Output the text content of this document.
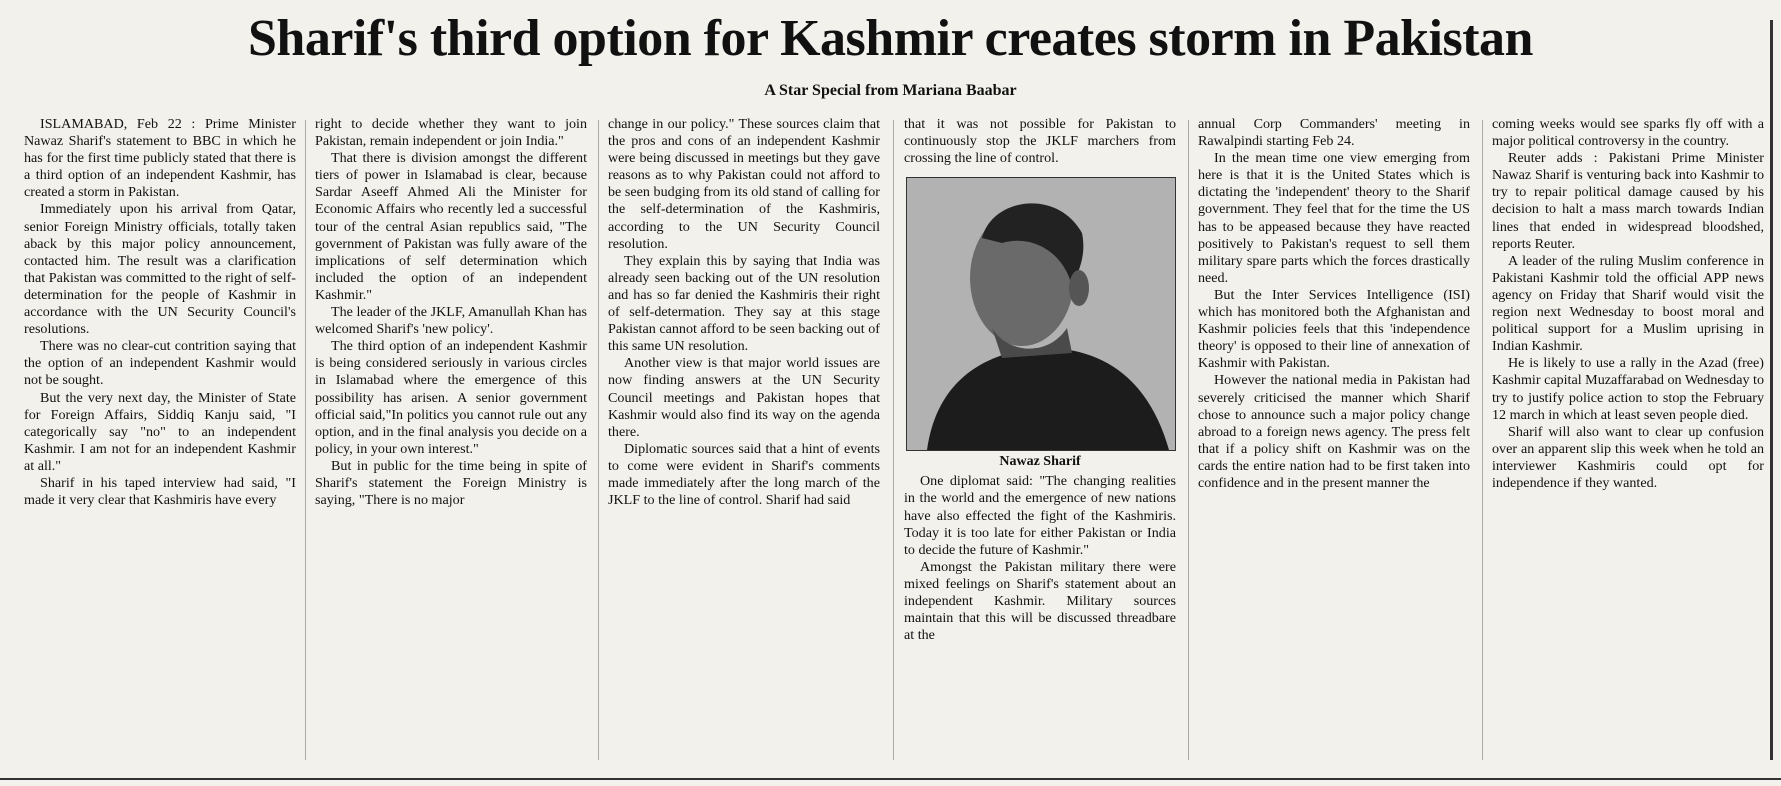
Sharif's third option for Kashmir creates storm in Pakistan
A Star Special from Mariana Baabar

ISLAMABAD, Feb 22 : Prime Minister Nawaz Sharif's statement to BBC in which he has for the first time publicly stated that there is a third option of an independent Kashmir, has created a storm in Pakistan.

Immediately upon his arrival from Qatar, senior Foreign Ministry officials, totally taken aback by this major policy announcement, contacted him. The result was a clarification that Pakistan was committed to the right of self-determination for the people of Kashmir in accordance with the UN Security Council's resolutions.

There was no clear-cut contrition saying that the option of an independent Kashmir would not be sought.

But the very next day, the Minister of State for Foreign Affairs, Siddiq Kanju said, "I categorically say "no" to an independent Kashmir. I am not for an independent Kashmir at all."

Sharif in his taped interview had said, "I made it very clear that Kashmiris have every

right to decide whether they want to join Pakistan, remain independent or join India."

That there is division amongst the different tiers of power in Islamabad is clear, because Sardar Aseeff Ahmed Ali the Minister for Economic Affairs who recently led a successful tour of the central Asian republics said, "The government of Pakistan was fully aware of the implications of self determination which included the option of an independent Kashmir."

The leader of the JKLF, Amanullah Khan has welcomed Sharif's 'new policy'.

The third option of an independent Kashmir is being considered seriously in various circles in Islamabad where the emergence of this possibility has arisen. A senior government official said,"In politics you cannot rule out any option, and in the final analysis you decide on a policy, in your own interest."

But in public for the time being in spite of Sharif's statement the Foreign Ministry is saying, "There is no major

change in our policy." These sources claim that the pros and cons of an independent Kashmir were being discussed in meetings but they gave reasons as to why Pakistan could not afford to be seen budging from its old stand of calling for the self-determination of the Kashmiris, according to the UN Security Council resolution.

They explain this by saying that India was already seen backing out of the UN resolution and has so far denied the Kashmiris their right of self-determation. They say at this stage Pakistan cannot afford to be seen backing out of this same UN resolution.

Another view is that major world issues are now finding answers at the UN Security Council meetings and Pakistan hopes that Kashmir would also find its way on the agenda there.

Diplomatic sources said that a hint of events to come were evident in Sharif's comments made immediately after the long march of the JKLF to the line of control. Sharif had said

that it was not possible for Pakistan to continuously stop the JKLF marchers from crossing the line of control.

Nawaz Sharif

One diplomat said: "The changing realities in the world and the emergence of new nations have also effected the fight of the Kashmiris. Today it is too late for either Pakistan or India to decide the future of Kashmir."

Amongst the Pakistan military there were mixed feelings on Sharif's statement about an independent Kashmir. Military sources maintain that this will be discussed threadbare at the

annual Corp Commanders' meeting in Rawalpindi starting Feb 24.

In the mean time one view emerging from here is that it is the United States which is dictating the 'independent' theory to the Sharif government. They feel that for the time the US has to be appeased because they have reacted positively to Pakistan's request to sell them military spare parts which the forces drastically need.

But the Inter Services Intelligence (ISI) which has monitored both the Afghanistan and Kashmir policies feels that this 'independence theory' is opposed to their line of annexation of Kashmir with Pakistan.

However the national media in Pakistan had severely criticised the manner which Sharif chose to announce such a major policy change abroad to a foreign news agency. The press felt that if a policy shift on Kashmir was on the cards the entire nation had to be first taken into confidence and in the present manner the

coming weeks would see sparks fly off with a major political controversy in the country.

Reuter adds : Pakistani Prime Minister Nawaz Sharif is venturing back into Kashmir to try to repair political damage caused by his decision to halt a mass march towards Indian lines that ended in widespread bloodshed, reports Reuter.

A leader of the ruling Muslim conference in Pakistani Kashmir told the official APP news agency on Friday that Sharif would visit the region next Wednesday to boost moral and political support for a Muslim uprising in Indian Kashmir.

He is likely to use a rally in the Azad (free) Kashmir capital Muzaffarabad on Wednesday to try to justify police action to stop the February 12 march in which at least seven people died.

Sharif will also want to clear up confusion over an apparent slip this week when he told an interviewer Kashmiris could opt for independence if they wanted.
